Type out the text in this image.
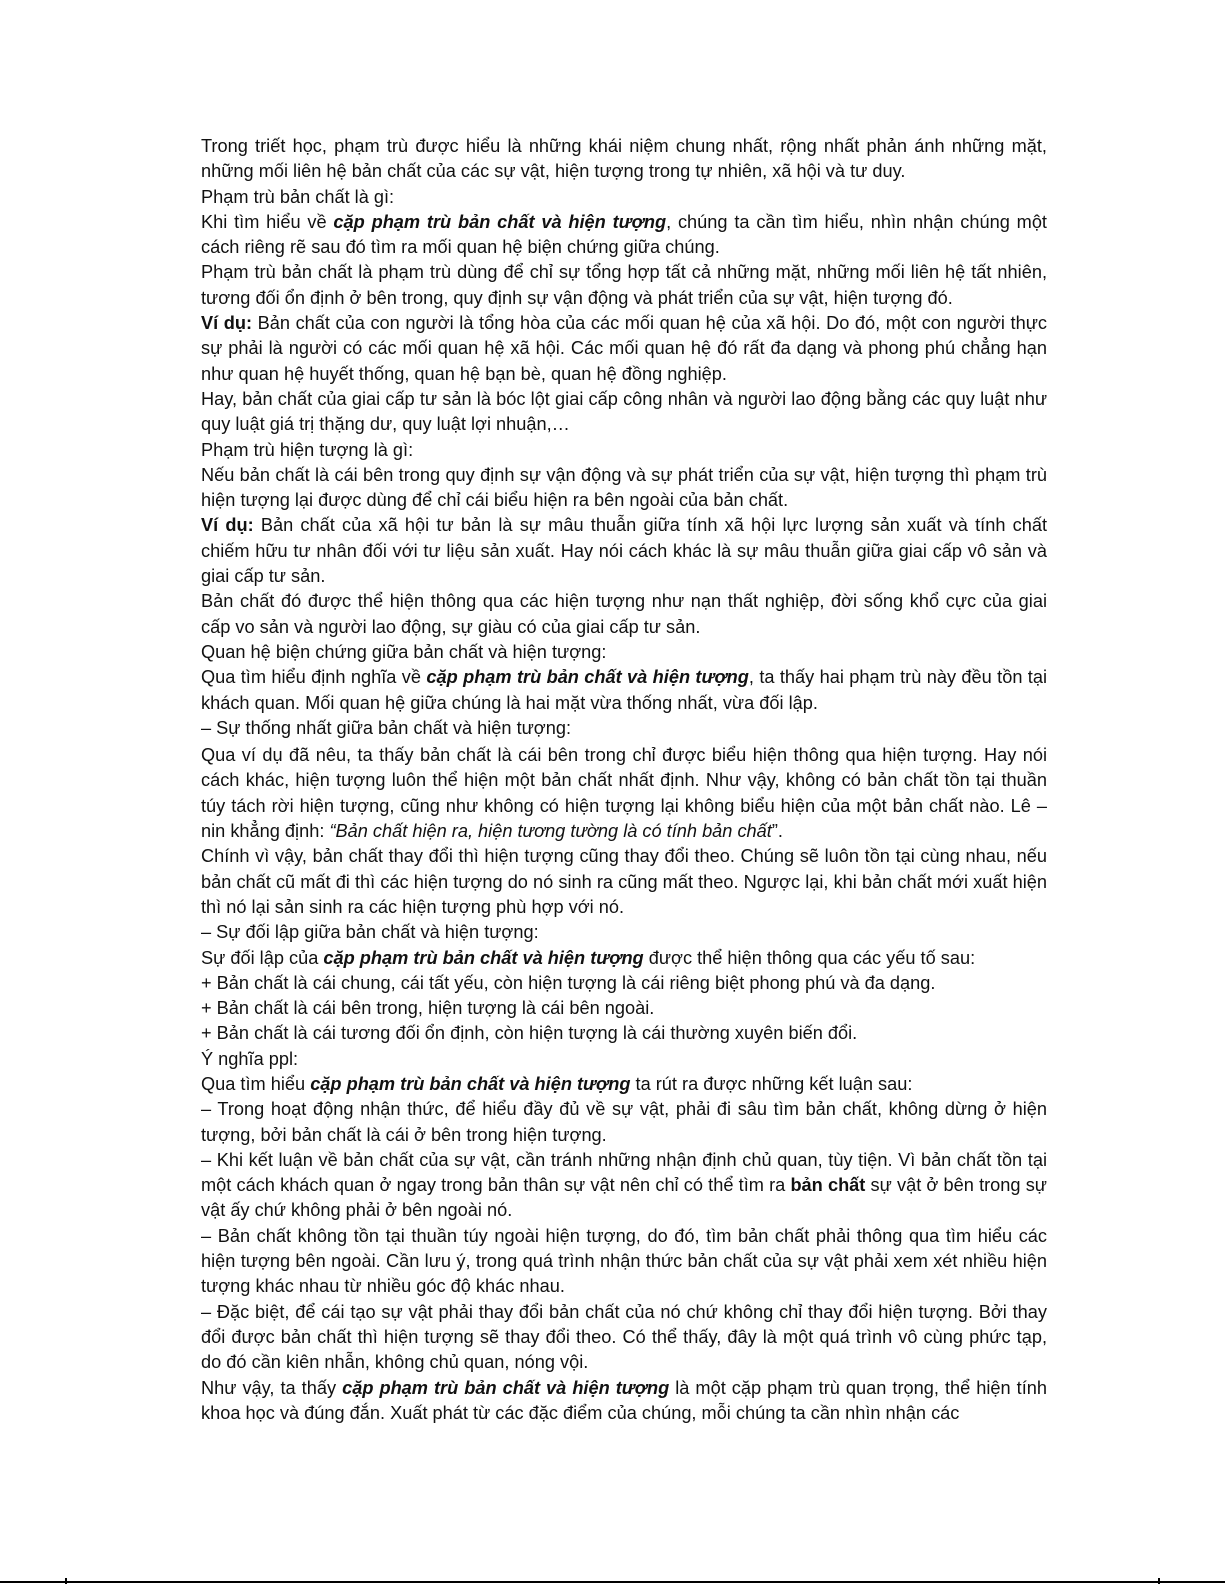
Trong triết học, phạm trù được hiểu là những khái niệm chung nhất, rộng nhất phản ánh những mặt, những mối liên hệ bản chất của các sự vật, hiện tượng trong tự nhiên, xã hội và tư duy.

Phạm trù bản chất là gì:

Khi tìm hiểu về cặp phạm trù bản chất và hiện tượng, chúng ta cần tìm hiểu, nhìn nhận chúng một cách riêng rẽ sau đó tìm ra mối quan hệ biện chứng giữa chúng.

Phạm trù bản chất là phạm trù dùng để chỉ sự tổng hợp tất cả những mặt, những mối liên hệ tất nhiên, tương đối ổn định ở bên trong, quy định sự vận động và phát triển của sự vật, hiện tượng đó.

Ví dụ: Bản chất của con người là tổng hòa của các mối quan hệ của xã hội. Do đó, một con người thực sự phải là người có các mối quan hệ xã hội. Các mối quan hệ đó rất đa dạng và phong phú chẳng hạn như quan hệ huyết thống, quan hệ bạn bè, quan hệ đồng nghiệp.

Hay, bản chất của giai cấp tư sản là bóc lột giai cấp công nhân và người lao động bằng các quy luật như quy luật giá trị thặng dư, quy luật lợi nhuận,…

Phạm trù hiện tượng là gì:

Nếu bản chất là cái bên trong quy định sự vận động và sự phát triển của sự vật, hiện tượng thì phạm trù hiện tượng lại được dùng để chỉ cái biểu hiện ra bên ngoài của bản chất.

Ví dụ: Bản chất của xã hội tư bản là sự mâu thuẫn giữa tính xã hội lực lượng sản xuất và tính chất chiếm hữu tư nhân đối với tư liệu sản xuất. Hay nói cách khác là sự mâu thuẫn giữa giai cấp vô sản và giai cấp tư sản.

Bản chất đó được thể hiện thông qua các hiện tượng như nạn thất nghiệp, đời sống khổ cực của giai cấp vo sản và người lao động, sự giàu có của giai cấp tư sản.

Quan hệ biện chứng giữa bản chất và hiện tượng:

Qua tìm hiểu định nghĩa về cặp phạm trù bản chất và hiện tượng, ta thấy hai phạm trù này đều tồn tại khách quan. Mối quan hệ giữa chúng là hai mặt vừa thống nhất, vừa đối lập.

– Sự thống nhất giữa bản chất và hiện tượng:

Qua ví dụ đã nêu, ta thấy bản chất là cái bên trong chỉ được biểu hiện thông qua hiện tượng. Hay nói cách khác, hiện tượng luôn thể hiện một bản chất nhất định. Như vậy, không có bản chất tồn tại thuần túy tách rời hiện tượng, cũng như không có hiện tượng lại không biểu hiện của một bản chất nào. Lê – nin khẳng định: “Bản chất hiện ra, hiện tương tường là có tính bản chất”.

Chính vì vậy, bản chất thay đổi thì hiện tượng cũng thay đổi theo. Chúng sẽ luôn tồn tại cùng nhau, nếu bản chất cũ mất đi thì các hiện tượng do nó sinh ra cũng mất theo. Ngược lại, khi bản chất mới xuất hiện thì nó lại sản sinh ra các hiện tượng phù hợp với nó.

– Sự đối lập giữa bản chất và hiện tượng:

Sự đối lập của cặp phạm trù bản chất và hiện tượng được thể hiện thông qua các yếu tố sau:

+ Bản chất là cái chung, cái tất yếu, còn hiện tượng là cái riêng biệt phong phú và đa dạng.

+ Bản chất là cái bên trong, hiện tượng là cái bên ngoài.

+ Bản chất là cái tương đối ổn định, còn hiện tượng là cái thường xuyên biến đổi.

Ý nghĩa ppl:

Qua tìm hiểu cặp phạm trù bản chất và hiện tượng ta rút ra được những kết luận sau:

– Trong hoạt động nhận thức, để hiểu đầy đủ về sự vật, phải đi sâu tìm bản chất, không dừng ở hiện tượng, bởi bản chất là cái ở bên trong hiện tượng.

– Khi kết luận về bản chất của sự vật, cần tránh những nhận định chủ quan, tùy tiện. Vì bản chất tồn tại một cách khách quan ở ngay trong bản thân sự vật nên chỉ có thể tìm ra bản chất sự vật ở bên trong sự vật ấy chứ không phải ở bên ngoài nó.

– Bản chất không tồn tại thuần túy ngoài hiện tượng, do đó, tìm bản chất phải thông qua tìm hiểu các hiện tượng bên ngoài. Cần lưu ý, trong quá trình nhận thức bản chất của sự vật phải xem xét nhiều hiện tượng khác nhau từ nhiều góc độ khác nhau.

– Đặc biệt, để cái tạo sự vật phải thay đổi bản chất của nó chứ không chỉ thay đổi hiện tượng. Bởi thay đổi được bản chất thì hiện tượng sẽ thay đổi theo. Có thể thấy, đây là một quá trình vô cùng phức tạp, do đó cần kiên nhẫn, không chủ quan, nóng vội.

Như vậy, ta thấy cặp phạm trù bản chất và hiện tượng là một cặp phạm trù quan trọng, thể hiện tính khoa học và đúng đắn. Xuất phát từ các đặc điểm của chúng, mỗi chúng ta cần nhìn nhận các
